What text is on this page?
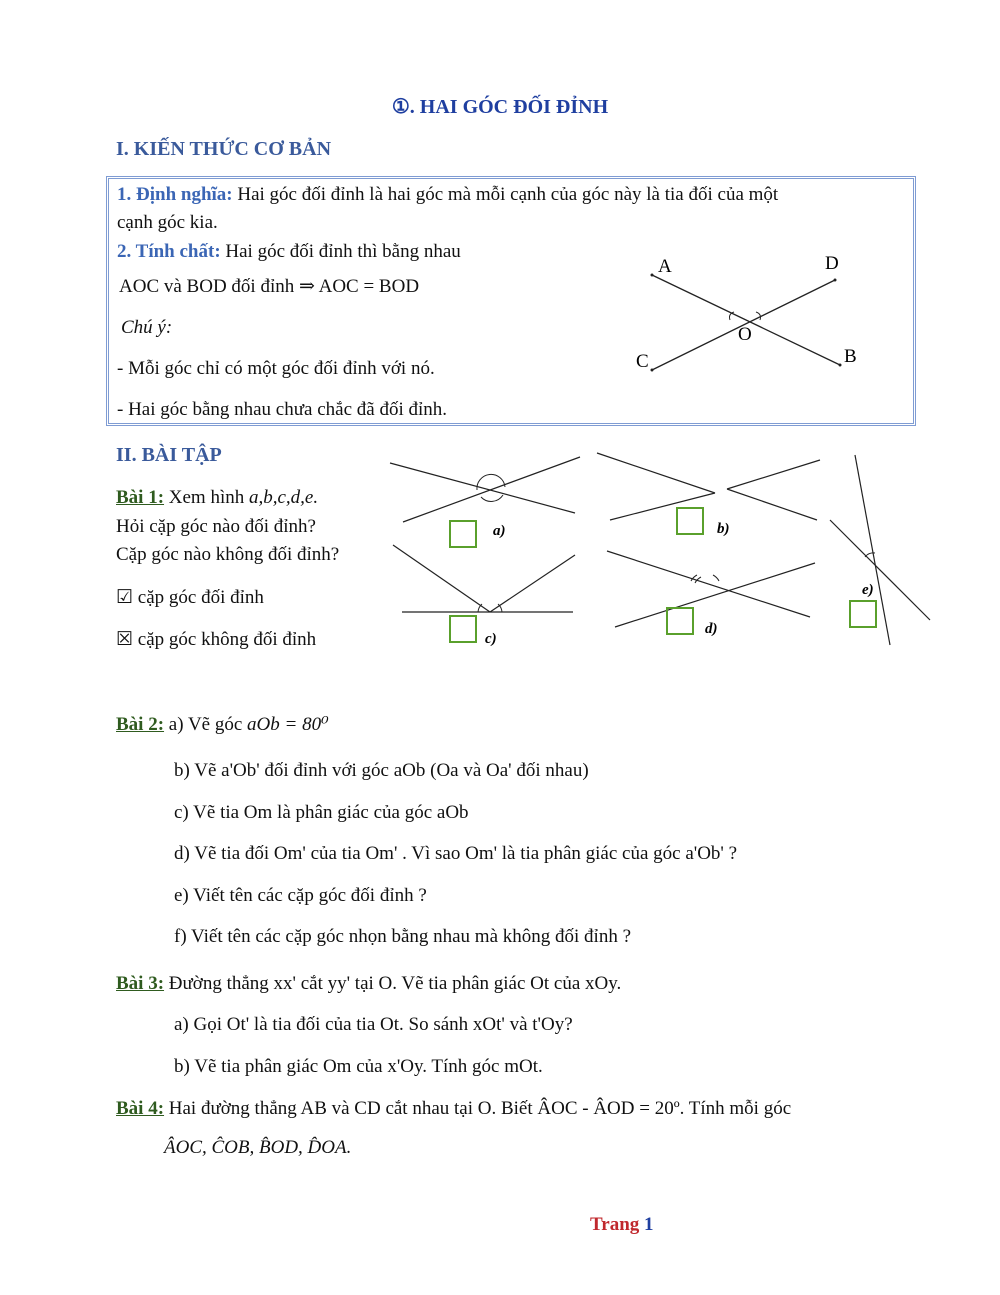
①. HAI GÓC ĐỐI ĐỈNH
I. KIẾN THỨC CƠ BẢN
1. Định nghĩa: Hai góc đối đỉnh là hai góc mà mỗi cạnh của góc này là tia đối của một
cạnh góc kia.
2. Tính chất: Hai góc đối đỉnh thì bằng nhau
AOC và BOD đối đỉnh ⇒ AOC = BOD
Chú ý:
- Mỗi góc chỉ có một góc đối đỉnh với nó.
- Hai góc bằng nhau chưa chắc đã đối đỉnh.
A	D
O
C	B
II. BÀI TẬP
Bài 1: Xem hình a,b,c,d,e.
Hỏi cặp góc nào đối đỉnh?
Cặp góc nào không đối đỉnh?
☑ cặp góc đối đỉnh
☒ cặp góc không đối đỉnh
a)	b)
c)
d)
e)
Bài 2: a) Vẽ góc aOb = 80⁰
b) Vẽ a'Ob' đối đỉnh với góc aOb (Oa và Oa' đối nhau)
c) Vẽ tia Om là phân giác của góc aOb
d) Vẽ tia đối Om' của tia Om' . Vì sao Om' là tia phân giác của góc a'Ob' ?
e) Viết tên các cặp góc đối đỉnh ?
f) Viết tên các cặp góc nhọn bằng nhau mà không đối đỉnh ?
Bài 3: Đường thẳng xx' cắt yy' tại O. Vẽ tia phân giác Ot của xOy.
a) Gọi Ot' là tia đối của tia Ot. So sánh xOt' và t'Oy?
b) Vẽ tia phân giác Om của x'Oy. Tính góc mOt.
Bài 4: Hai đường thẳng AB và CD cắt nhau tại O. Biết ÂOC - ÂOD = 20º. Tính mỗi góc
ÂOC, ĈOB, B̂OD, D̂OA.
Trang 1
